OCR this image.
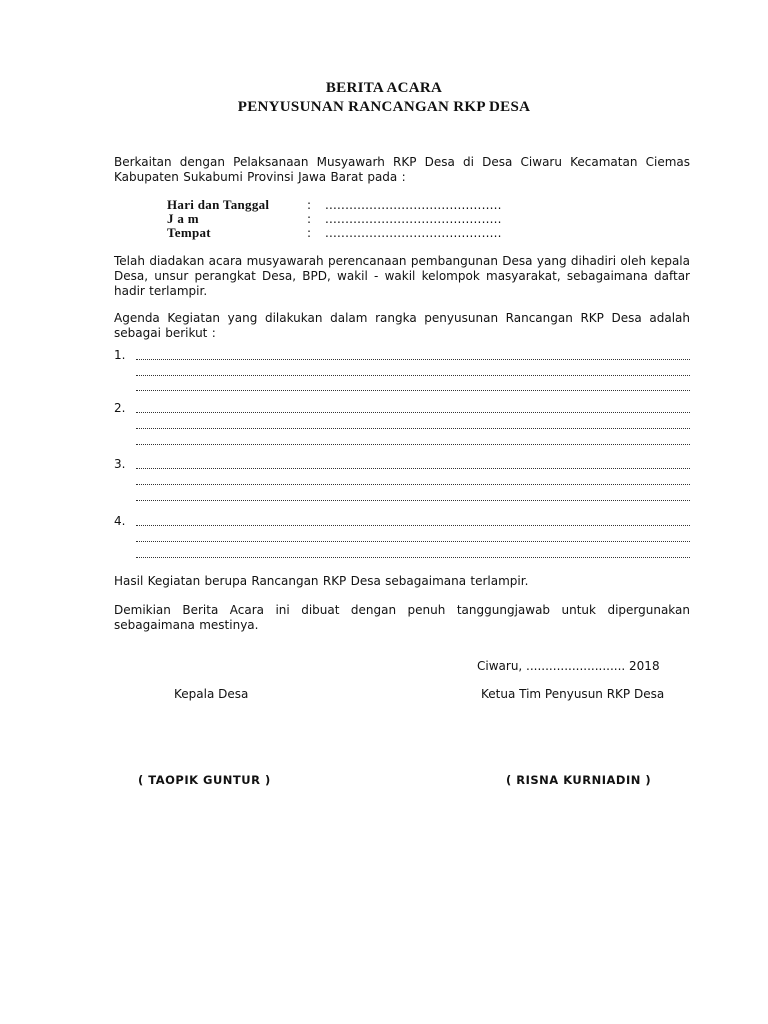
BERITA ACARA
PENYUSUNAN RANCANGAN RKP DESA
Berkaitan dengan Pelaksanaan Musyawarh RKP Desa di Desa Ciwaru Kecamatan Ciemas Kabupaten Sukabumi Provinsi Jawa Barat pada :
Hari dan Tanggal	: ............................................
J a m	: ............................................
Tempat	: ............................................
Telah diadakan acara musyawarah perencanaan pembangunan Desa yang dihadiri oleh kepala Desa, unsur perangkat Desa, BPD, wakil - wakil kelompok masyarakat, sebagaimana daftar hadir terlampir.
Agenda Kegiatan yang dilakukan dalam rangka penyusunan Rancangan RKP Desa adalah sebagai berikut :
1.
2.
3.
4.
Hasil Kegiatan berupa Rancangan RKP Desa sebagaimana terlampir.
Demikian Berita Acara ini dibuat dengan penuh tanggungjawab untuk dipergunakan sebagaimana mestinya.
Ciwaru, .......................... 2018
Kepala Desa	Ketua Tim Penyusun RKP Desa
( TAOPIK GUNTUR )	( RISNA KURNIADIN )
